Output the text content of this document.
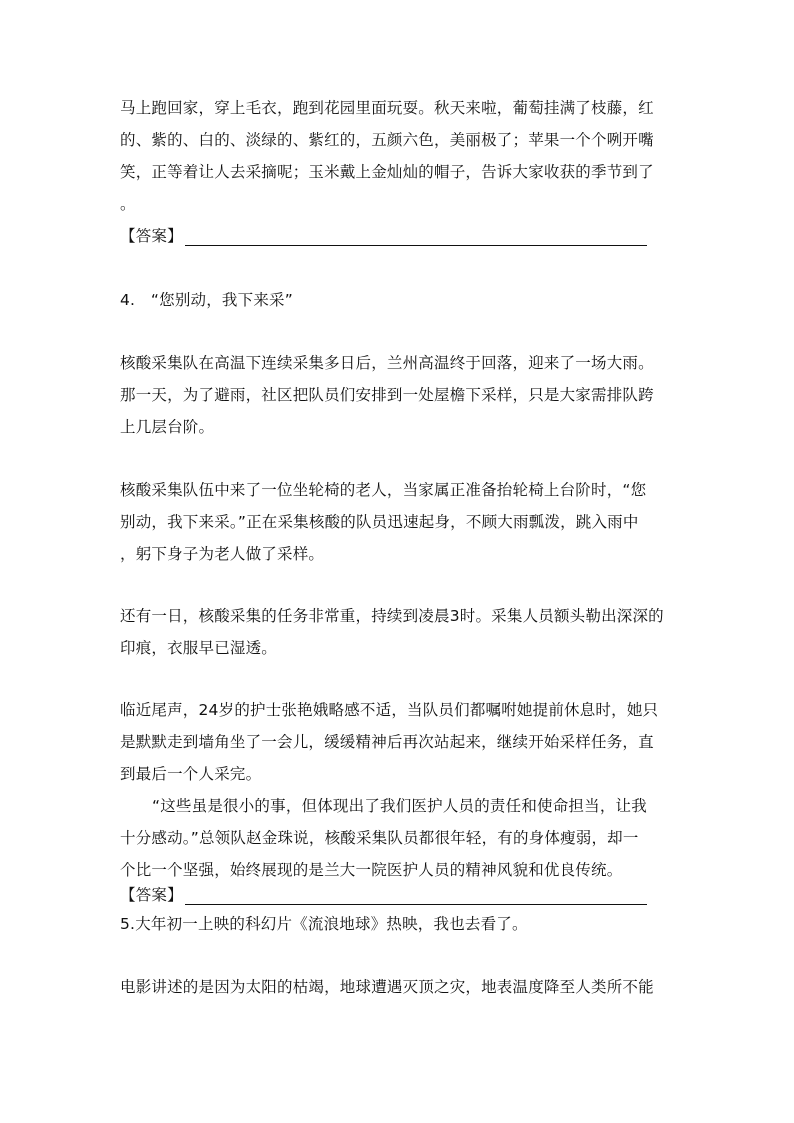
马上跑回家，穿上毛衣，跑到花园里面玩耍。秋天来啦，葡萄挂满了枝藤，红
的、紫的、白的、淡绿的、紫红的，五颜六色，美丽极了；苹果一个个咧开嘴
笑，正等着让人去采摘呢；玉米戴上金灿灿的帽子，告诉大家收获的季节到了
。
【答案】
4.　“您别动，我下来采”
核酸采集队在高温下连续采集多日后，兰州高温终于回落，迎来了一场大雨。
那一天，为了避雨，社区把队员们安排到一处屋檐下采样，只是大家需排队跨
上几层台阶。
核酸采集队伍中来了一位坐轮椅的老人，当家属正准备抬轮椅上台阶时，“您
别动，我下来采。”正在采集核酸的队员迅速起身，不顾大雨瓢泼，跳入雨中
，躬下身子为老人做了采样。
还有一日，核酸采集的任务非常重，持续到凌晨3时。采集人员额头勒出深深的
印痕，衣服早已湿透。
临近尾声，24岁的护士张艳娥略感不适，当队员们都嘱咐她提前休息时，她只
是默默走到墙角坐了一会儿，缓缓精神后再次站起来，继续开始采样任务，直
到最后一个人采完。
“这些虽是很小的事，但体现出了我们医护人员的责任和使命担当，让我
十分感动。”总领队赵金珠说，核酸采集队员都很年轻，有的身体瘦弱，却一
个比一个坚强，始终展现的是兰大一院医护人员的精神风貌和优良传统。
【答案】
5.大年初一上映的科幻片《流浪地球》热映，我也去看了。
电影讲述的是因为太阳的枯竭，地球遭遇灭顶之灾，地表温度降至人类所不能
